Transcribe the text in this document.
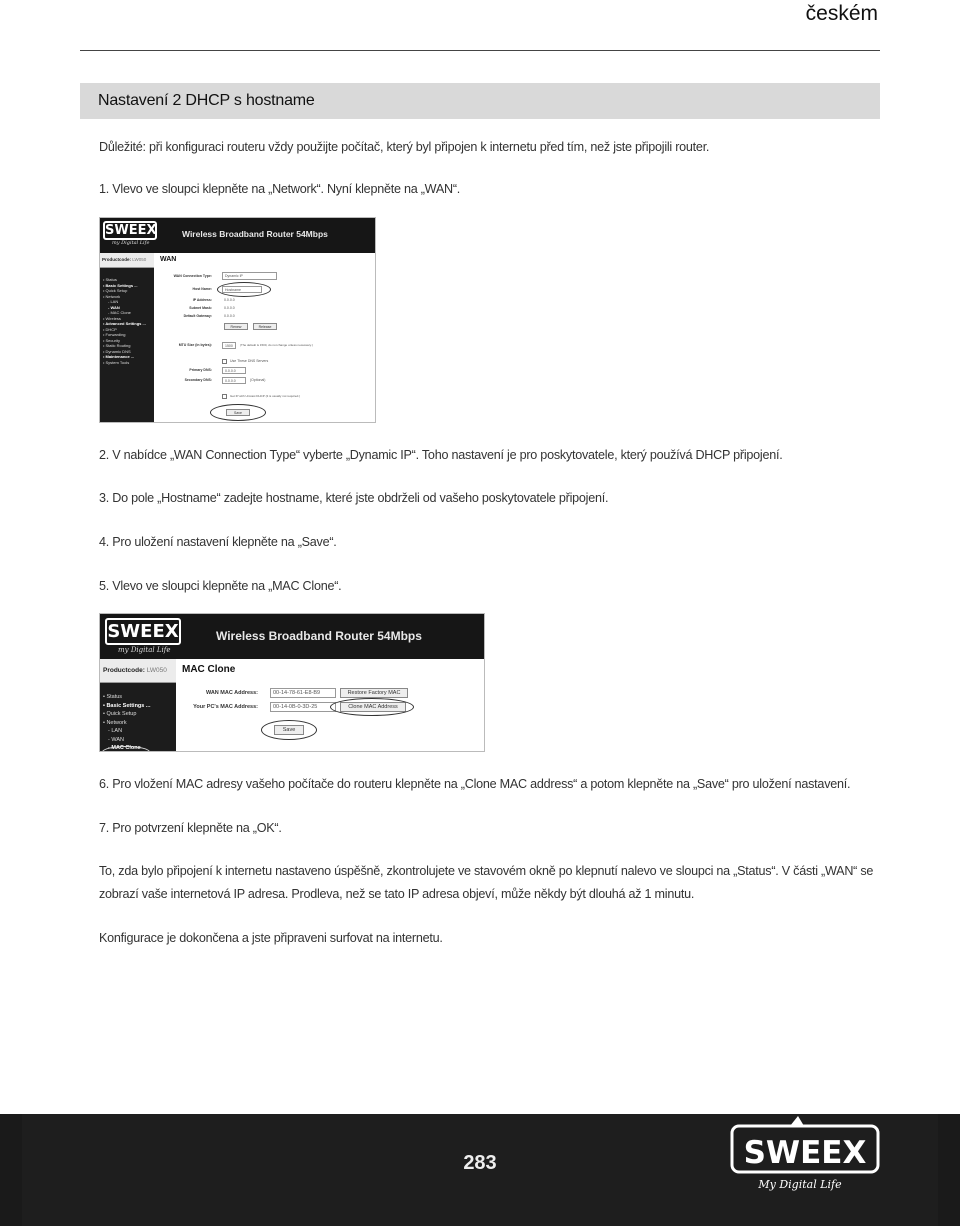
českém
Nastavení 2 DHCP s hostname
Důležité: při konfiguraci routeru vždy použijte počítač, který byl připojen k internetu před tím, než jste připojili router.
1. Vlevo ve sloupci klepněte na „Network“. Nyní klepněte na „WAN“.
SWEEX
my Digital Life
Wireless Broadband Router 54Mbps
Productcode: LW050
• Status
• Basic Settings ...
• Quick Setup
• Network
- LAN
- WAN
- MAC Clone
• Wireless
• Advanced Settings ...
• DHCP
• Forwarding
• Security
• Static Routing
• Dynamic DNS
• Maintenance ...
• System Tools
WAN
WAN Connection Type:	Dynamic IP
Host Name:	Hostname
IP Address:	0.0.0.0
Subnet Mask:	0.0.0.0
Default Gateway:	0.0.0.0
Renew	Release
MTU Size (in bytes):	1500	(The default is 1500, do not change unless necessary.)
Use These DNS Servers
Primary DNS:	0.0.0.0
Secondary DNS:	0.0.0.0	(Optional)
Get IP with Unicast DHCP (It is usually not required.)
Save
2. V nabídce „WAN Connection Type“ vyberte „Dynamic IP“. Toho nastavení je pro poskytovatele, který používá DHCP připojení.
3. Do pole „Hostname“ zadejte hostname, které jste obdrželi od vašeho poskytovatele připojení.
4. Pro uložení nastavení klepněte na „Save“.
5. Vlevo ve sloupci klepněte na „MAC Clone“.
SWEEX
my Digital Life
Wireless Broadband Router 54Mbps
Productcode: LW050
• Status
• Basic Settings ...
• Quick Setup
• Network
- LAN
- WAN
- MAC Clone
MAC Clone
WAN MAC Address:	00-14-78-61-E8-B9	Restore Factory MAC
Your PC's MAC Address:	00-14-0B-0-3D-25	Clone MAC Address
Save
6. Pro vložení MAC adresy vašeho počítače do routeru klepněte na „Clone MAC address“ a potom klepněte na „Save“ pro uložení nastavení.
7. Pro potvrzení klepněte na „OK“.
To, zda bylo připojení k internetu nastaveno úspěšně, zkontrolujete ve stavovém okně po klepnutí nalevo ve sloupci na „Status“. V části „WAN“ se zobrazí vaše internetová IP adresa. Prodleva, než se tato IP adresa objeví, může někdy být dlouhá až 1 minutu.
Konfigurace je dokončena a jste připraveni surfovat na internetu.
283	SWEEX
My Digital Life
